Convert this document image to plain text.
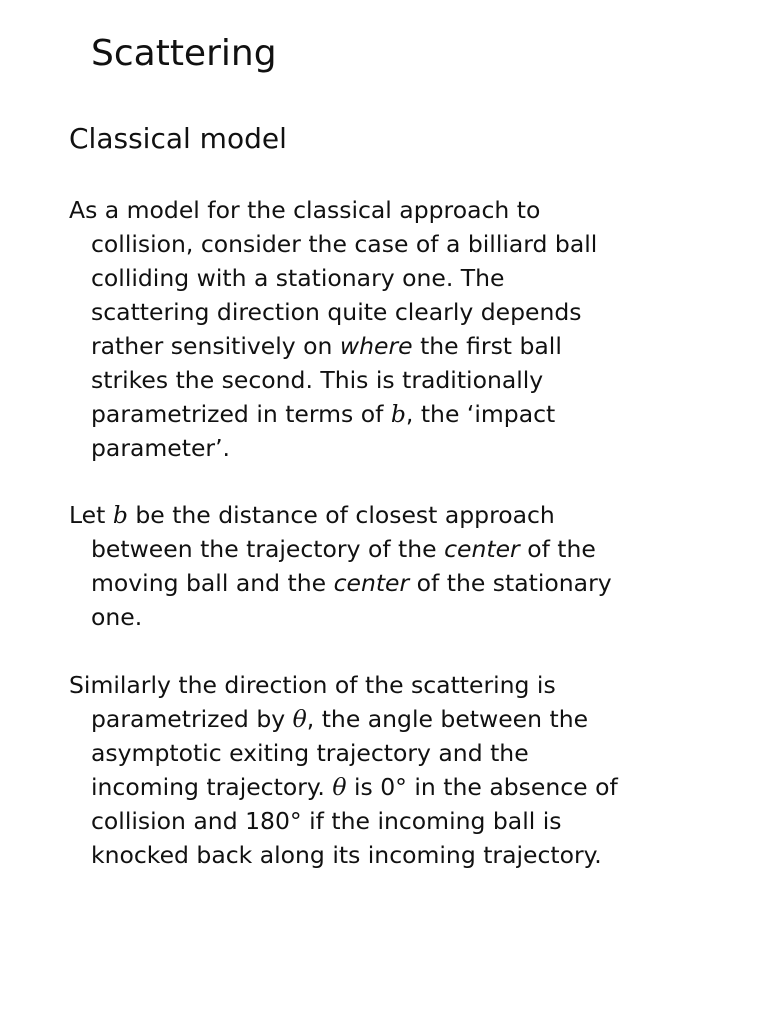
Scattering
Classical model

As a model for the classical approach to
collision, consider the case of a billiard ball
colliding with a stationary one. The
scattering direction quite clearly depends
rather sensitively on where the first ball
strikes the second. This is traditionally
parametrized in terms of b, the ‘impact
parameter’.

Let b be the distance of closest approach
between the trajectory of the center of the
moving ball and the center of the stationary
one.

Similarly the direction of the scattering is
parametrized by θ, the angle between the
asymptotic exiting trajectory and the
incoming trajectory. θ is 0° in the absence of
collision and 180° if the incoming ball is
knocked back along its incoming trajectory.
